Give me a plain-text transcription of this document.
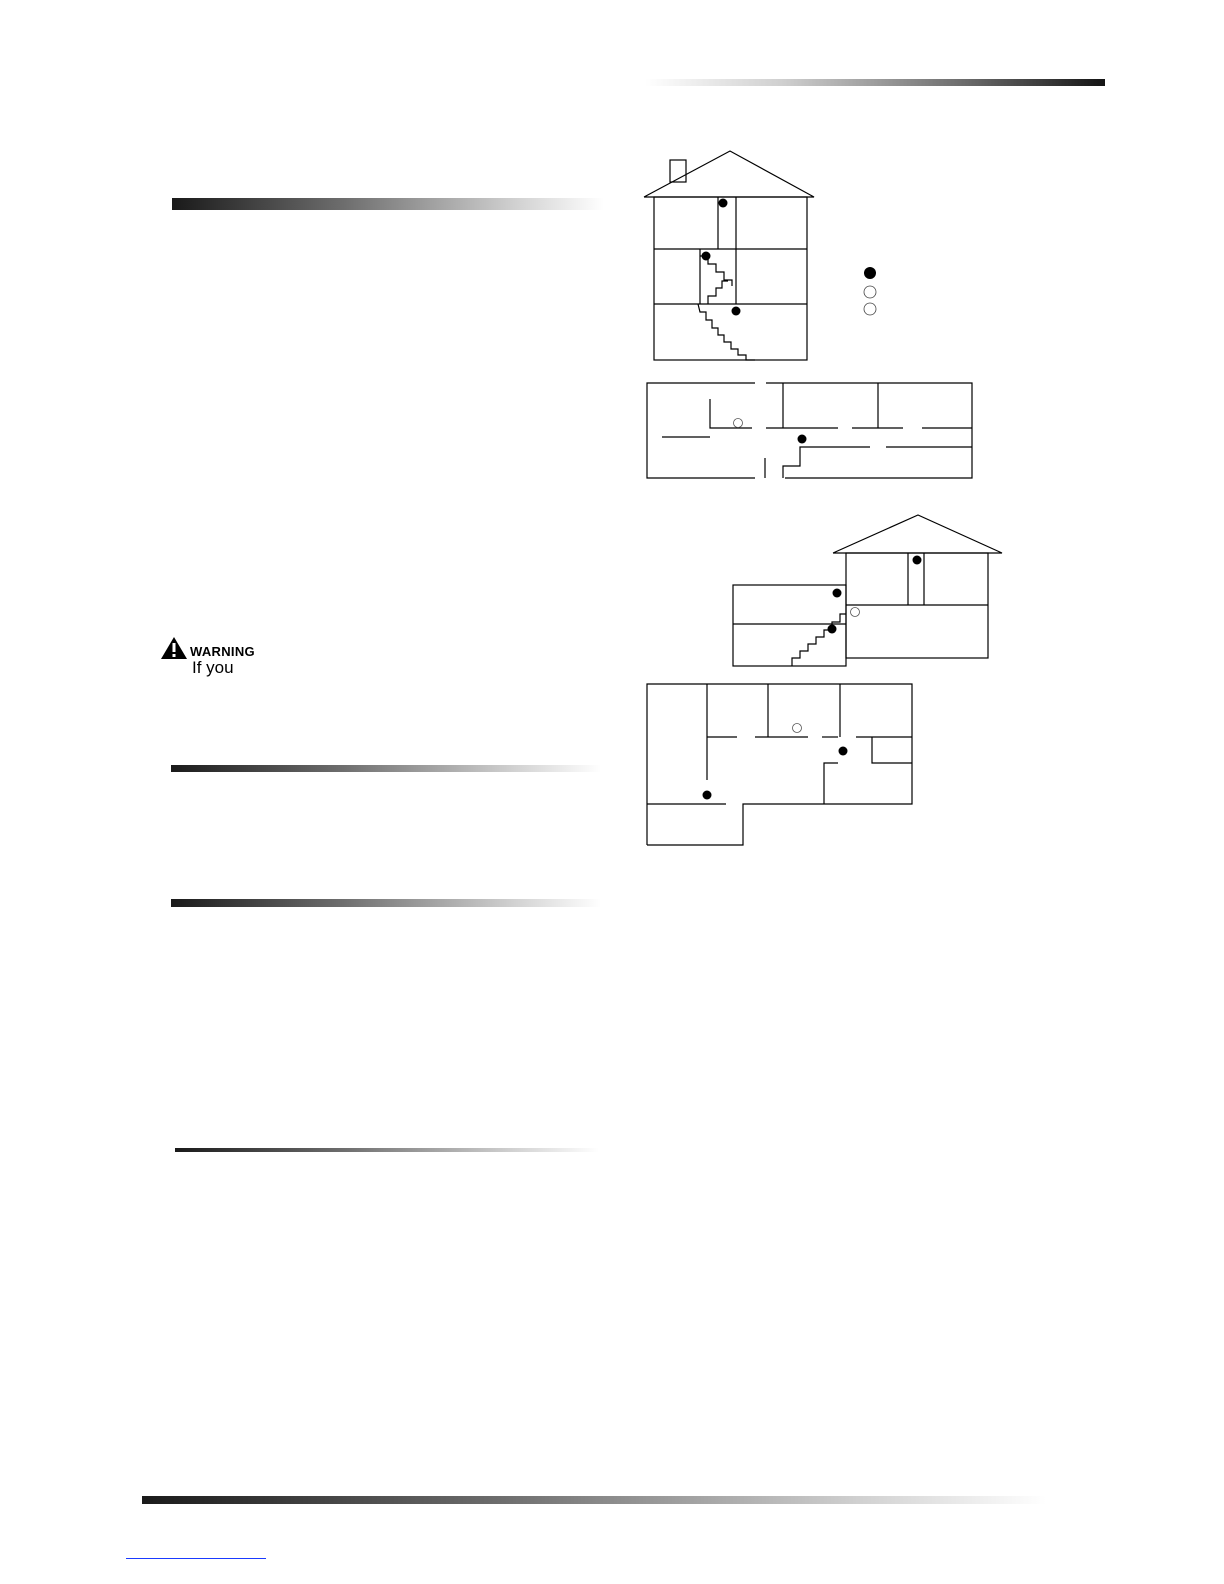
WARNING
If you
